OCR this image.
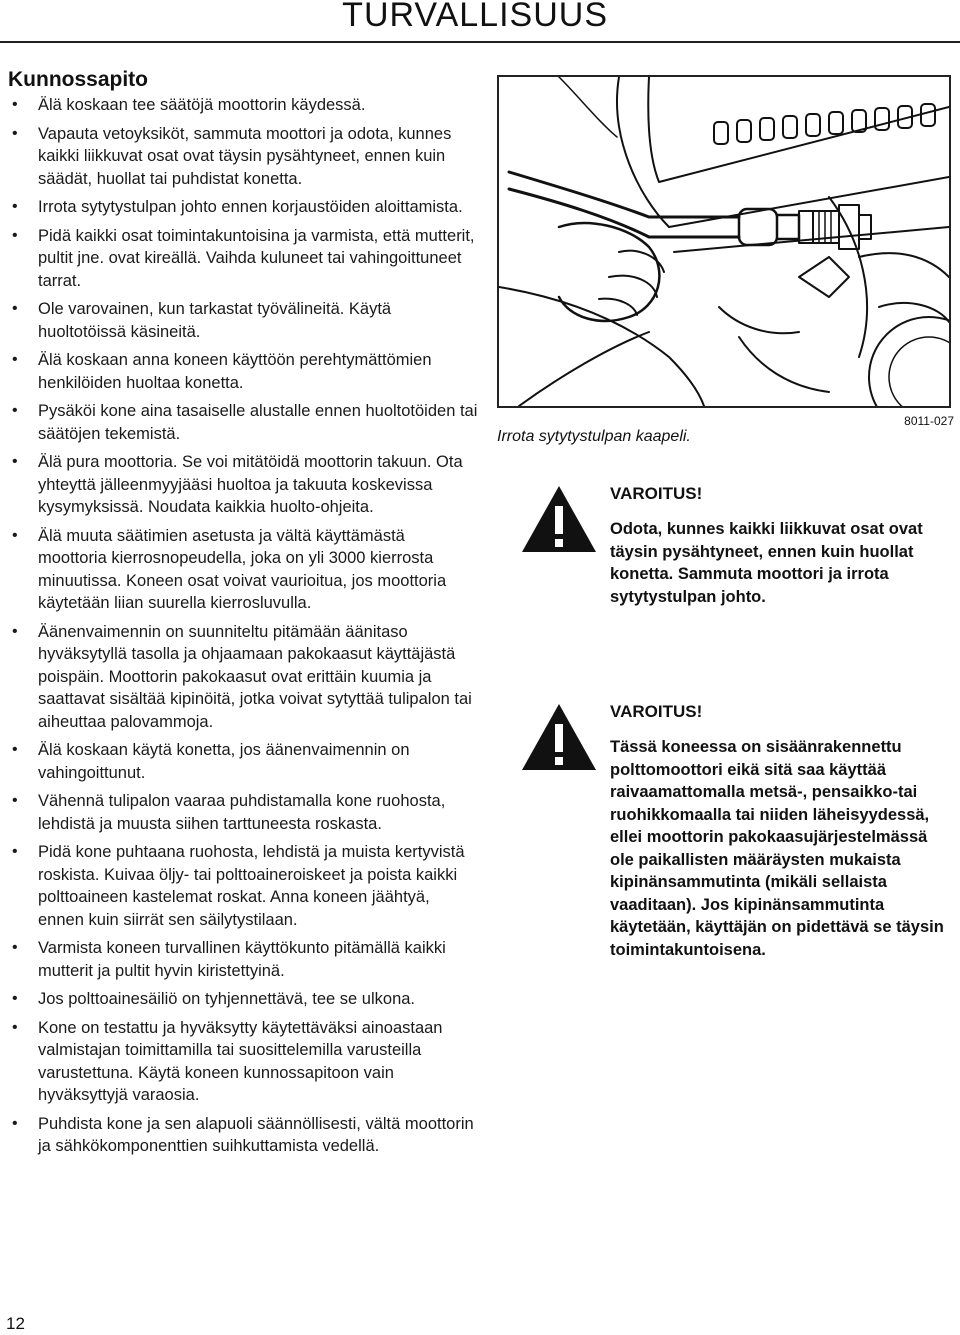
TURVALLISUUS
Kunnossapito
• Älä koskaan tee säätöjä moottorin käydessä.
• Vapauta vetoyksiköt, sammuta moottori ja odota, kunnes kaikki liikkuvat osat ovat täysin pysähtyneet, ennen kuin säädät, huollat tai puhdistat konetta.
• Irrota sytytystulpan johto ennen korjaustöiden aloittamista.
• Pidä kaikki osat toimintakuntoisina ja varmista, että mutterit, pultit jne. ovat kireällä. Vaihda kuluneet tai vahingoittuneet tarrat.
• Ole varovainen, kun tarkastat työvälineitä. Käytä huoltotöissä käsineitä.
• Älä koskaan anna koneen käyttöön perehtymättömien henkilöiden huoltaa konetta.
• Pysäköi kone aina tasaiselle alustalle ennen huoltotöiden tai säätöjen tekemistä.
• Älä pura moottoria. Se voi mitätöidä moottorin takuun. Ota yhteyttä jälleenmyyjääsi huoltoa ja takuuta koskevissa kysymyksissä. Noudata kaikkia huolto-ohjeita.
• Älä muuta säätimien asetusta ja vältä käyttämästä moottoria kierrosnopeudella, joka on yli 3000 kierrosta minuutissa. Koneen osat voivat vaurioitua, jos moottoria käytetään liian suurella kierrosluvulla.
• Äänenvaimennin on suunniteltu pitämään äänitaso hyväksytyllä tasolla ja ohjaamaan pakokaasut käyttäjästä poispäin. Moottorin pakokaasut ovat erittäin kuumia ja saattavat sisältää kipinöitä, jotka voivat sytyttää tulipalon tai aiheuttaa palovammoja.
• Älä koskaan käytä konetta, jos äänenvaimennin on vahingoittunut.
• Vähennä tulipalon vaaraa puhdistamalla kone ruohosta, lehdistä ja muusta siihen tarttuneesta roskasta.
• Pidä kone puhtaana ruohosta, lehdistä ja muista kertyvistä roskista. Kuivaa öljy- tai polttoaineroiskeet ja poista kaikki polttoaineen kastelemat roskat. Anna koneen jäähtyä, ennen kuin siirrät sen säilytystilaan.
• Varmista koneen turvallinen käyttökunto pitämällä kaikki mutterit ja pultit hyvin kiristettyinä.
• Jos polttoainesäiliö on tyhjennettävä, tee se ulkona.
• Kone on testattu ja hyväksytty käytettäväksi ainoastaan valmistajan toimittamilla tai suosittelemilla varusteilla varustettuna. Käytä koneen kunnossapitoon vain hyväksyttyjä varaosia.
• Puhdista kone ja sen alapuoli säännöllisesti, vältä moottorin ja sähkökomponenttien suihkuttamista vedellä.
12
8011-027
Irrota sytytystulpan kaapeli.
VAROITUS!
Odota, kunnes kaikki liikkuvat osat ovat täysin pysähtyneet, ennen kuin huollat konetta. Sammuta moottori ja irrota sytytystulpan johto.
VAROITUS!
Tässä koneessa on sisäänrakennettu polttomoottori eikä sitä saa käyttää raivaamattomalla metsä-, pensaikko-tai ruohikkomaalla tai niiden läheisyydessä, ellei moottorin pakokaasujärjestelmässä ole paikallisten määräysten mukaista kipinänsammutinta (mikäli sellaista vaaditaan). Jos kipinänsammutinta käytetään, käyttäjän on pidettävä se täysin toimintakuntoisena.
